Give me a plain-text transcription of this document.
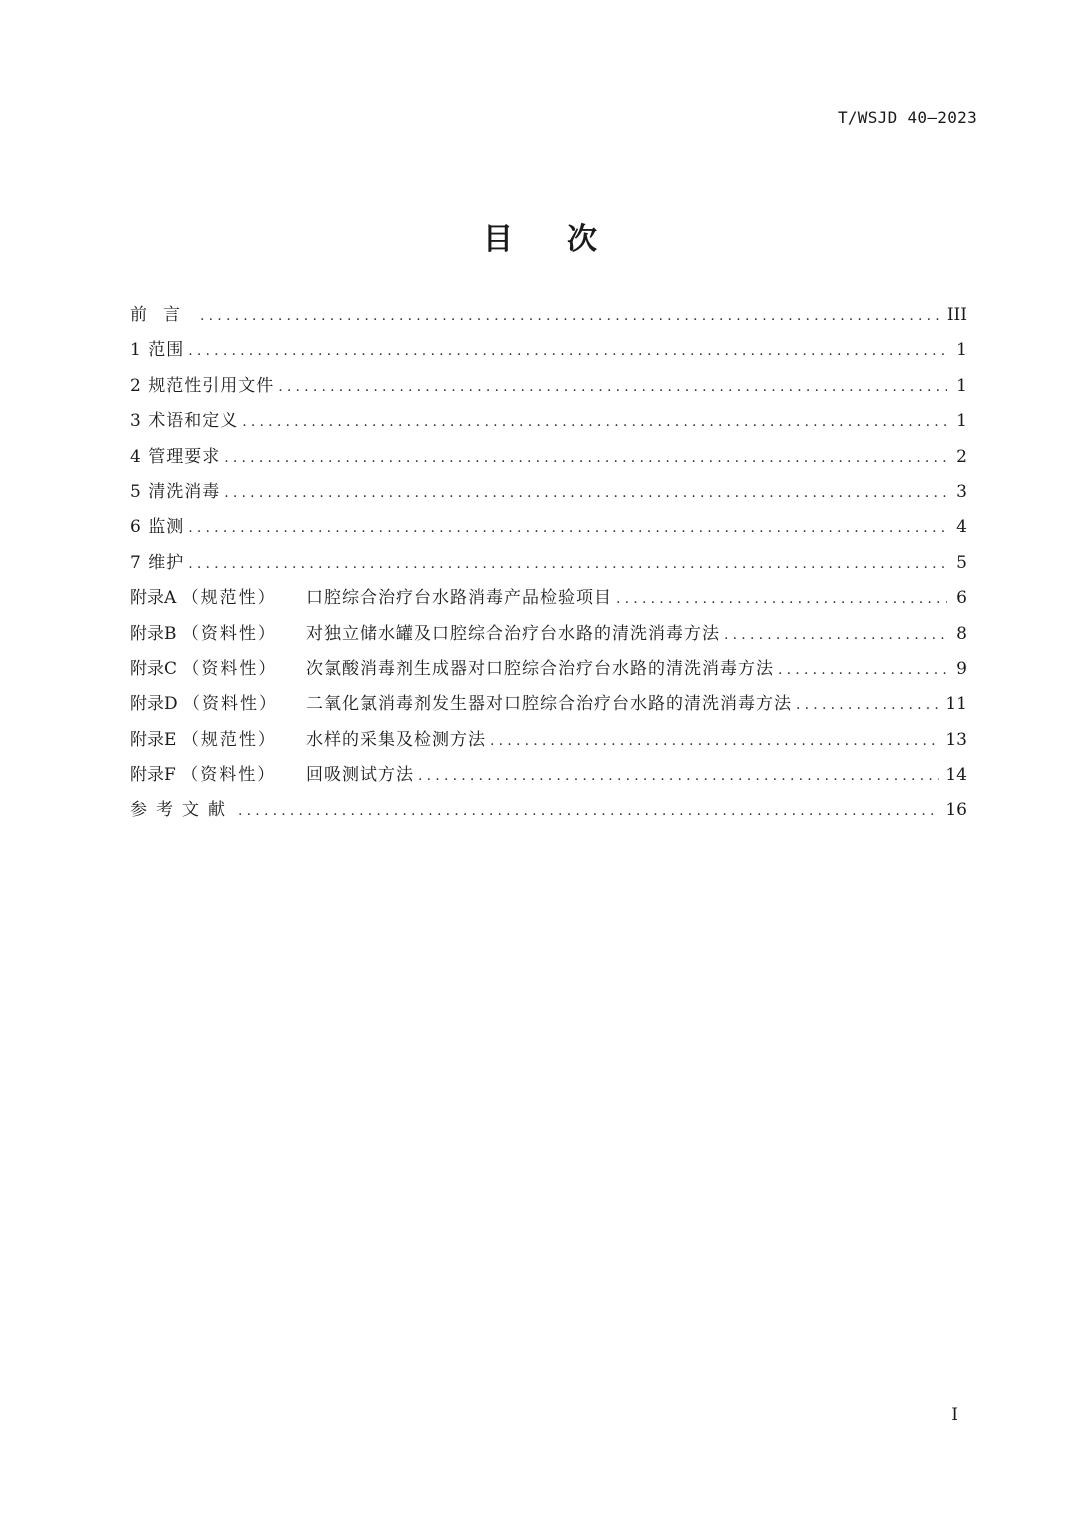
T/WSJD 40—2023
目次
前言 .....	III
1 范围 .....	1
2 规范性引用文件 .....	1
3 术语和定义 .....	1
4 管理要求 .....	2
5 清洗消毒 .....	3
6 监测 .....	4
7 维护 .....	5
附录A （规范性） 口腔综合治疗台水路消毒产品检验项目 .....	6
附录B （资料性） 对独立储水罐及口腔综合治疗台水路的清洗消毒方法 .....	8
附录C （资料性） 次氯酸消毒剂生成器对口腔综合治疗台水路的清洗消毒方法 .....	9
附录D （资料性） 二氧化氯消毒剂发生器对口腔综合治疗台水路的清洗消毒方法 .....	11
附录E （规范性） 水样的采集及检测方法 .....	13
附录F （资料性） 回吸测试方法 .....	14
参考文献 .....	16
I
